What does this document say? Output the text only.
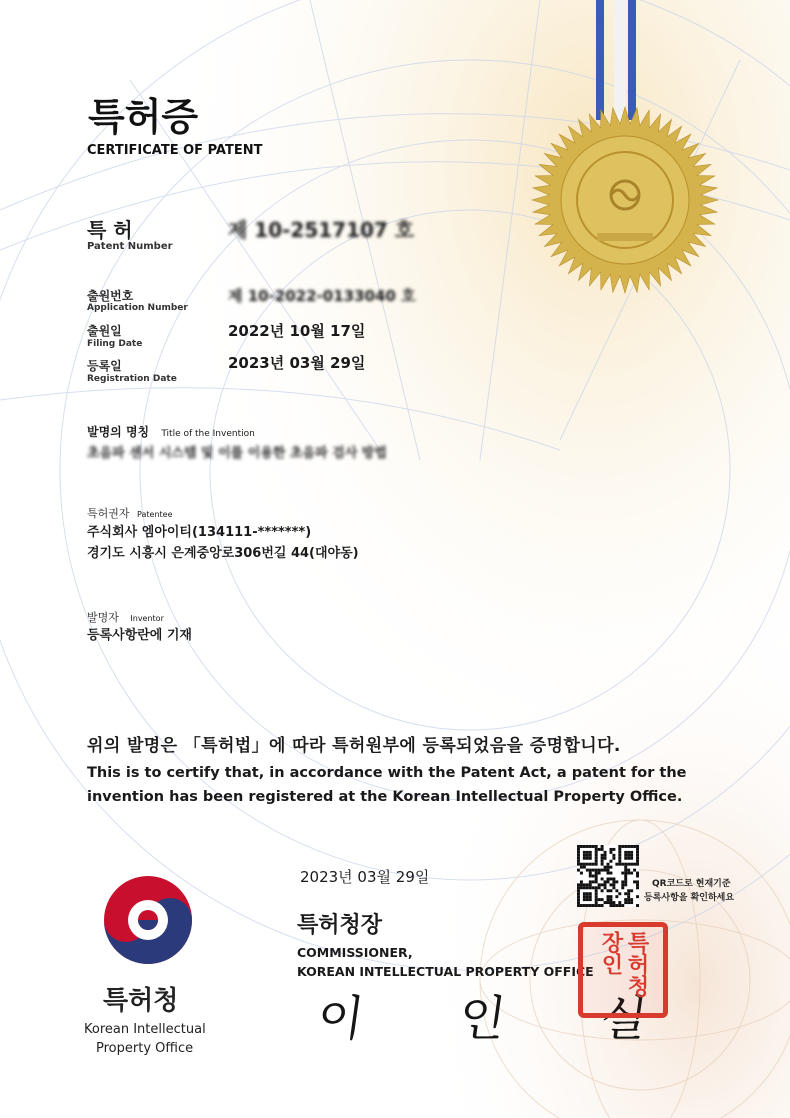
특허증
CERTIFICATE OF PATENT
특 허
Patent Number
제 10-2517107 호
출원번호
Application Number
제 10-2022-0133040 호
출원일
Filing Date
2022년 10월 17일
등록일
Registration Date
2023년 03월 29일
발명의 명칭 Title of the Invention
초음파 센서 시스템 및 이를 이용한 초음파 검사 방법
특허권자 Patentee
주식회사 엠아이티(134111-*******)
경기도 시흥시 은계중앙로306번길 44(대야동)
발명자 Inventor
등록사항란에 기재
위의 발명은 「특허법」에 따라 특허원부에 등록되었음을 증명합니다.
This is to certify that, in accordance with the Patent Act, a patent for the
invention has been registered at the Korean Intellectual Property Office.
2023년 03월 29일	QR코드로 현재기준
등록사항을 확인하세요
특허청장
COMMISSIONER,
KOREAN INTELLECTUAL PROPERTY OFFICE
이 인 실
특허청장인
특허청
Korean Intellectual
Property Office
